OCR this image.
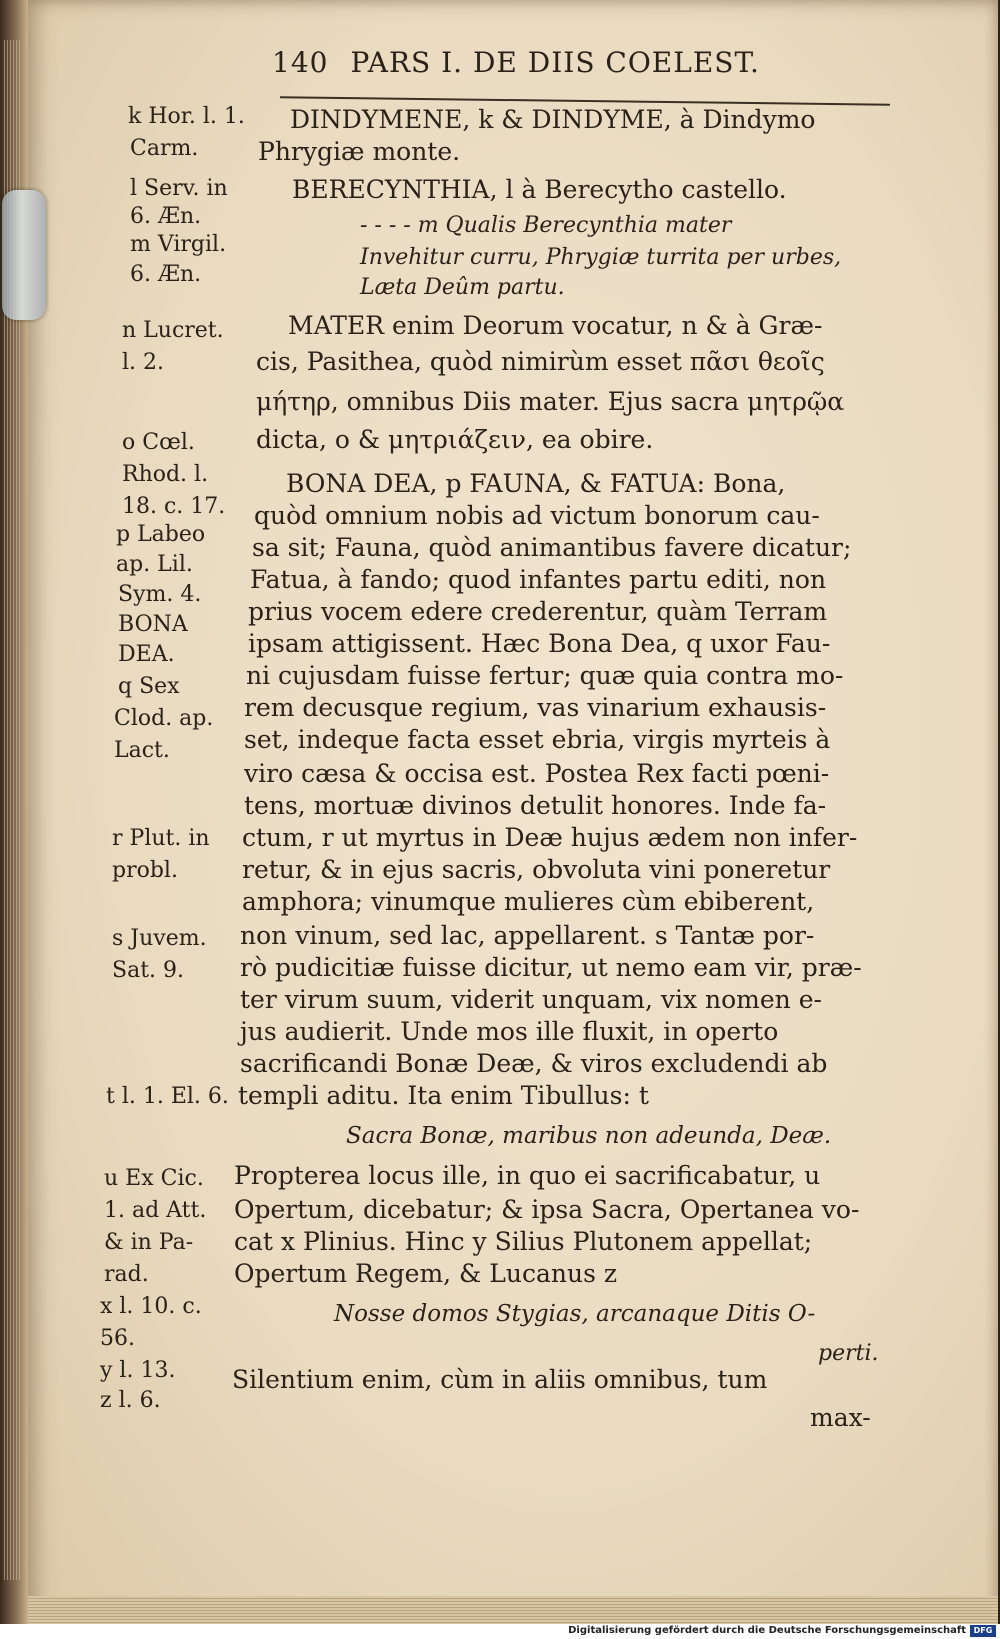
140 PARS I. DE DIIS COELEST.
k Hor. l. 1.
Carm.
l Serv. in
6. Æn.
m Virgil.
6. Æn.
n Lucret.
l. 2.
o Cœl.
Rhod. l.
18. c. 17.
p Labeo
ap. Lil.
Sym. 4.
BONA
DEA.
q Sex
Clod. ap.
Lact.
r Plut. in
probl.
s Juvem.
Sat. 9.
t l. 1. El. 6.
u Ex Cic.
1. ad Att.
& in Pa-
rad.
x l. 10. c.
56.
y l. 13.
z l. 6.
DINDYMENE, k & DINDYME, à Dindymo
Phrygiæ monte.
BERECYNTHIA, l à Berecytho castello.
- - - - m Qualis Berecynthia mater
Invehitur curru, Phrygiæ turrita per urbes,
Læta Deûm partu.
MATER enim Deorum vocatur, n & à Græ-
cis, Pasithea, quòd nimirùm esset πᾶσι θεοῖς
μήτηρ, omnibus Diis mater. Ejus sacra μητρῷα
dicta, o & μητριάζειν, ea obire.
BONA DEA, p FAUNA, & FATUA: Bona,
quòd omnium nobis ad victum bonorum cau-
sa sit; Fauna, quòd animantibus favere dicatur;
Fatua, à fando; quod infantes partu editi, non
prius vocem edere crederentur, quàm Terram
ipsam attigissent. Hæc Bona Dea, q uxor Fau-
ni cujusdam fuisse fertur; quæ quia contra mo-
rem decusque regium, vas vinarium exhausis-
set, indeque facta esset ebria, virgis myrteis à
viro cæsa & occisa est. Postea Rex facti pœni-
tens, mortuæ divinos detulit honores. Inde fa-
ctum, r ut myrtus in Deæ hujus ædem non infer-
retur, & in ejus sacris, obvoluta vini poneretur
amphora; vinumque mulieres cùm ebiberent,
non vinum, sed lac, appellarent. s Tantæ por-
rò pudicitiæ fuisse dicitur, ut nemo eam vir, præ-
ter virum suum, viderit unquam, vix nomen e-
jus audierit. Unde mos ille fluxit, in operto
sacrificandi Bonæ Deæ, & viros excludendi ab
templi aditu. Ita enim Tibullus: t
Sacra Bonæ, maribus non adeunda, Deæ.
Propterea locus ille, in quo ei sacrificabatur, u
Opertum, dicebatur; & ipsa Sacra, Opertanea vo-
cat x Plinius. Hinc y Silius Plutonem appellat;
Opertum Regem, & Lucanus z
Nosse domos Stygias, arcanaque Ditis O-
perti.
Silentium enim, cùm in aliis omnibus, tum
max-
Digitalisierung gefördert durch die Deutsche Forschungsgemeinschaft DFG
